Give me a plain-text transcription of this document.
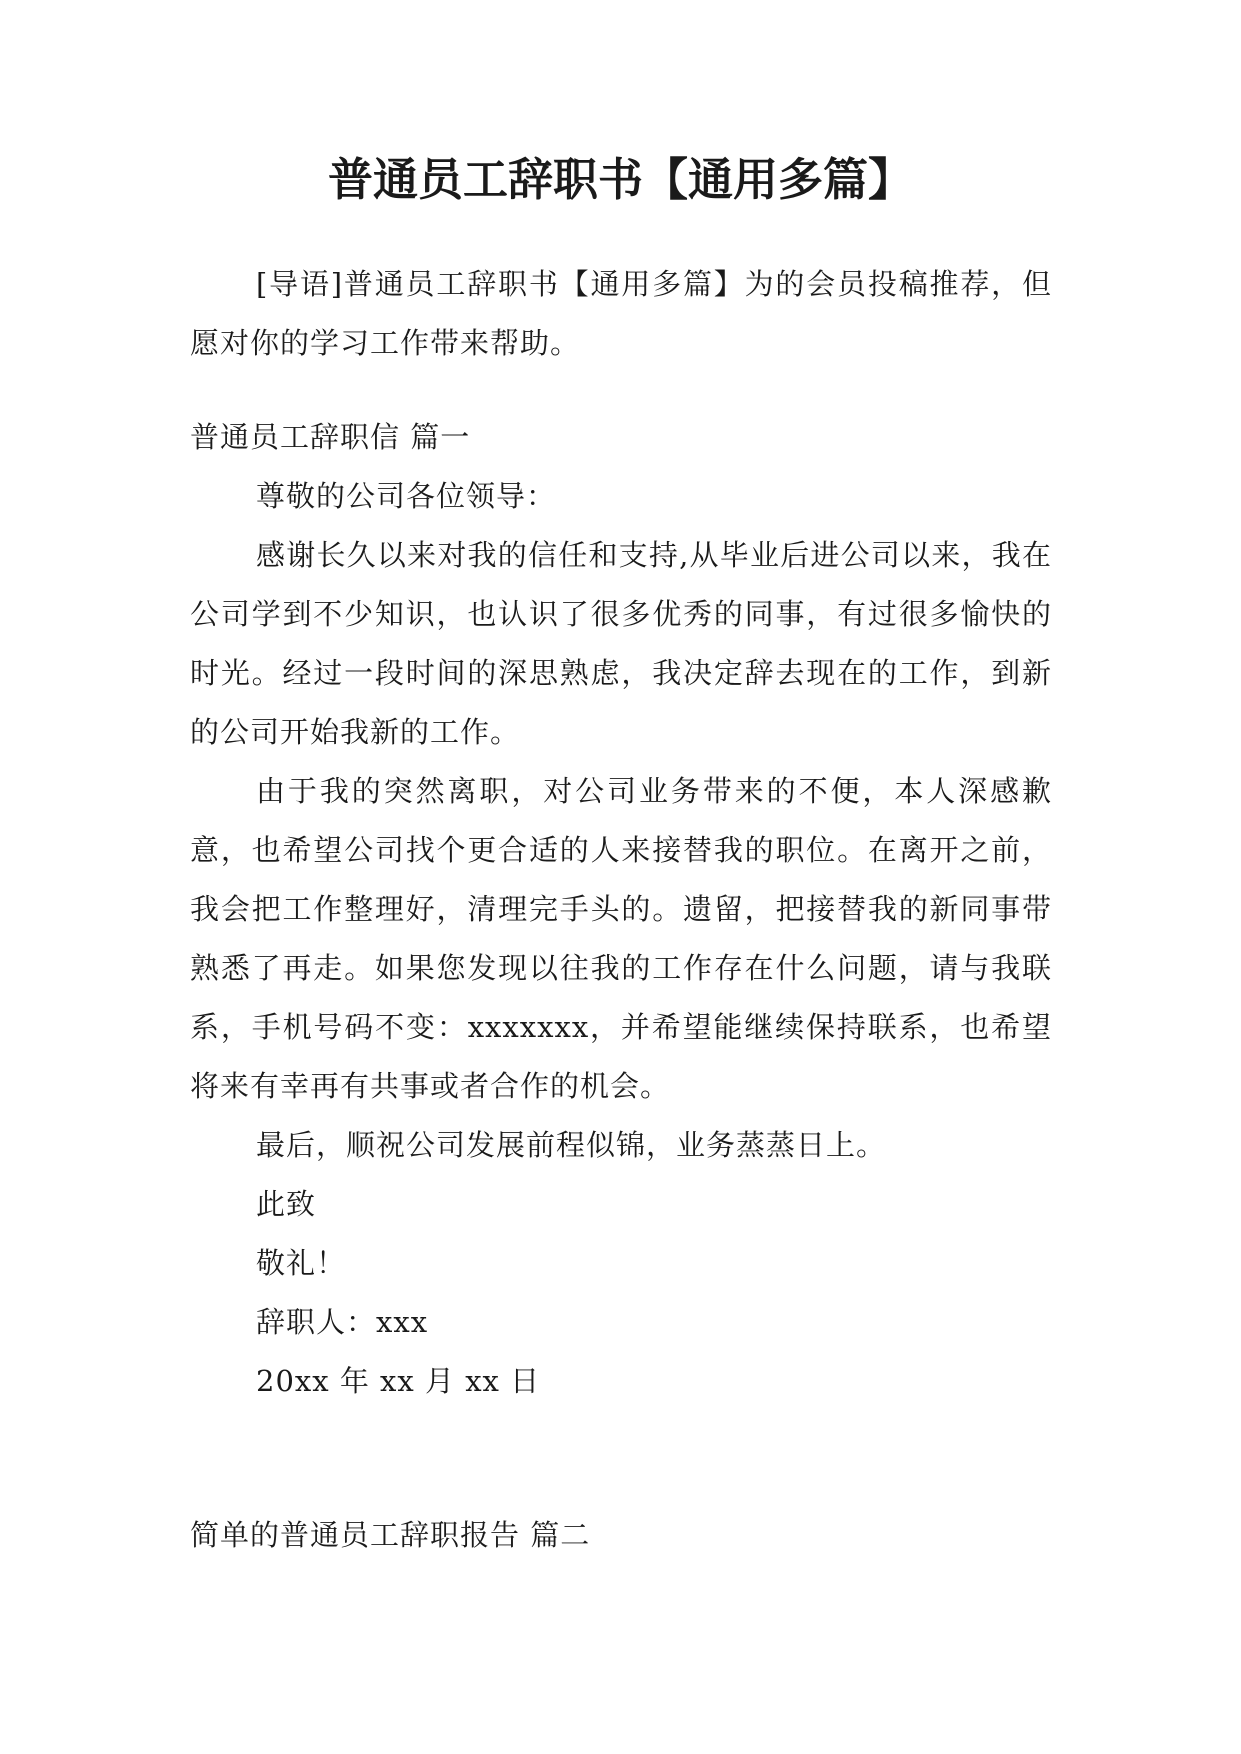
普通员工辞职书【通用多篇】

[导语]普通员工辞职书【通用多篇】为的会员投稿推荐，但愿对你的学习工作带来帮助。

普通员工辞职信 篇一

尊敬的公司各位领导：

感谢长久以来对我的信任和支持,从毕业后进公司以来，我在公司学到不少知识，也认识了很多优秀的同事，有过很多愉快的时光。经过一段时间的深思熟虑，我决定辞去现在的工作，到新的公司开始我新的工作。

由于我的突然离职，对公司业务带来的不便，本人深感歉意，也希望公司找个更合适的人来接替我的职位。在离开之前，我会把工作整理好，清理完手头的。遗留，把接替我的新同事带熟悉了再走。如果您发现以往我的工作存在什么问题，请与我联系，手机号码不变：xxxxxxx，并希望能继续保持联系，也希望将来有幸再有共事或者合作的机会。

最后，顺祝公司发展前程似锦，业务蒸蒸日上。

此致

敬礼！

辞职人：xxx

20xx 年 xx 月 xx 日

简单的普通员工辞职报告 篇二
